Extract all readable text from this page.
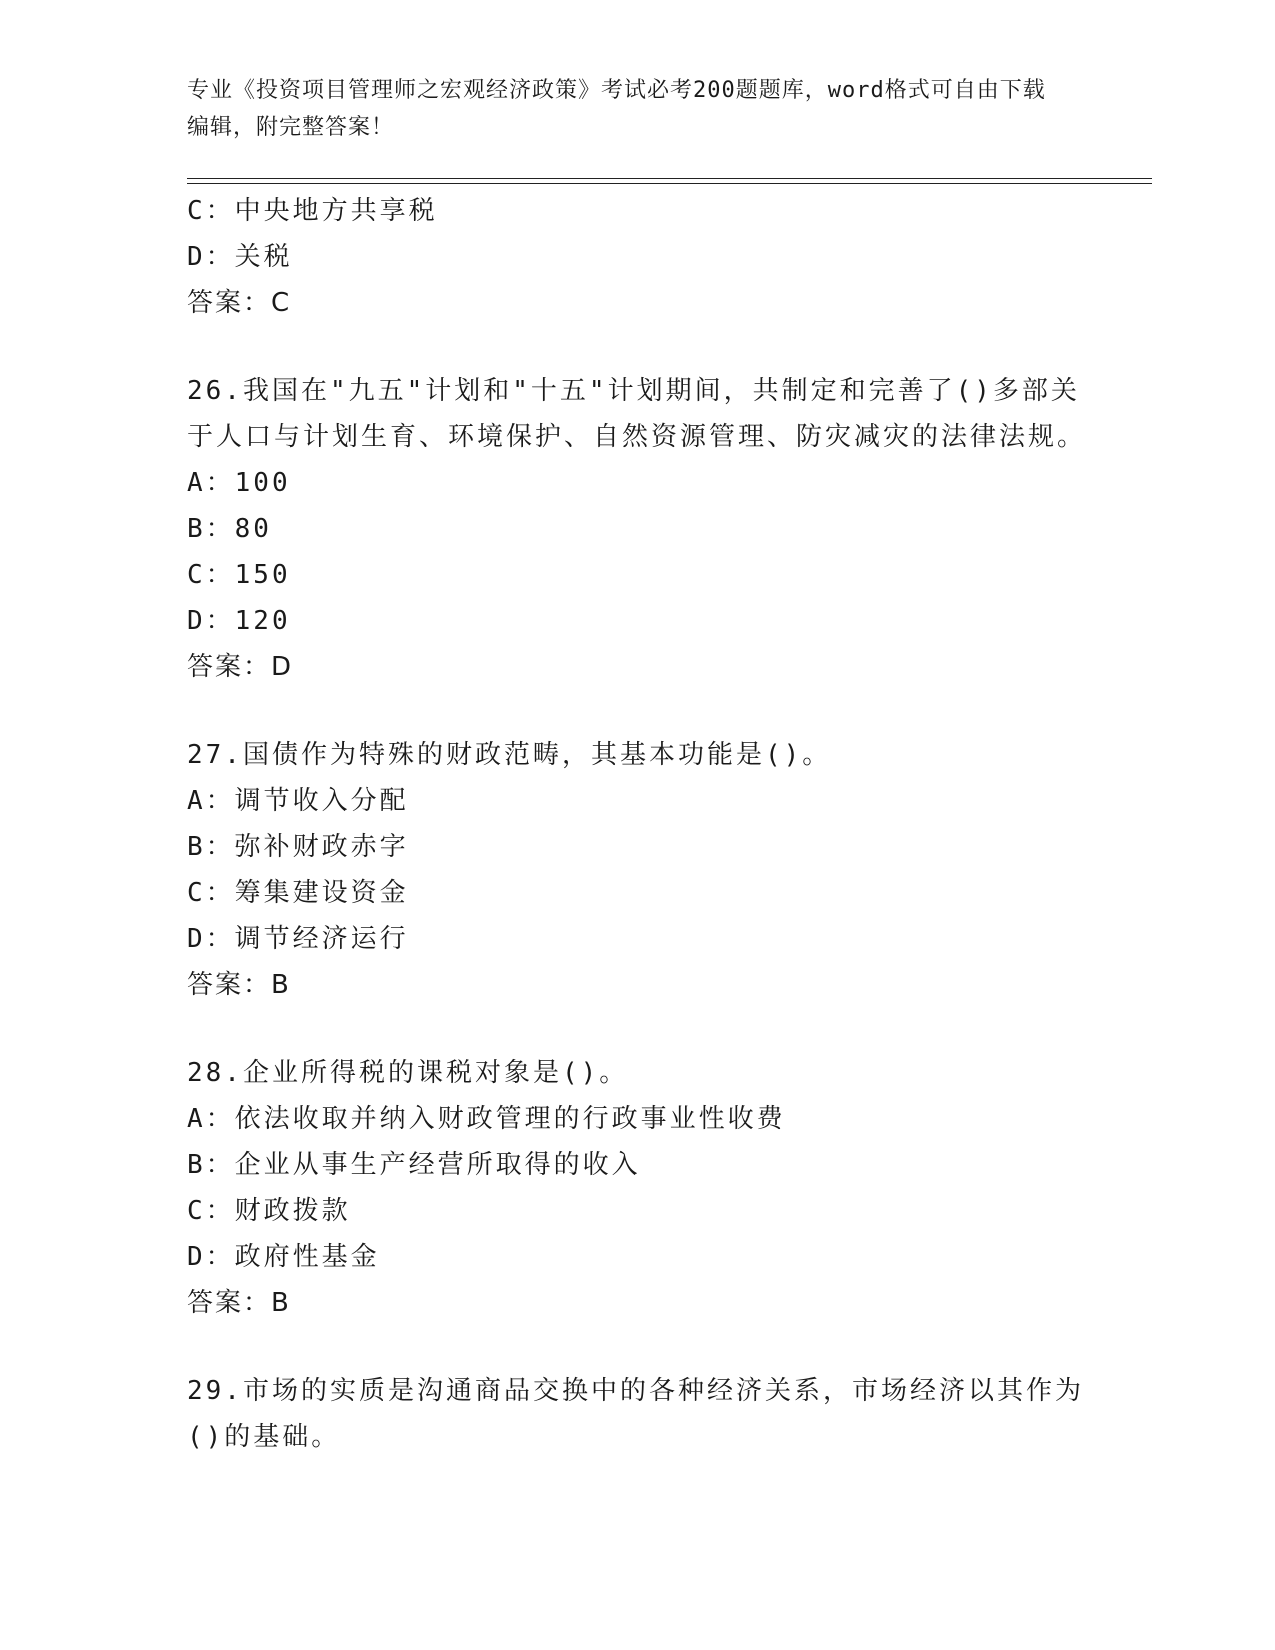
专业《投资项目管理师之宏观经济政策》考试必考200题题库，word格式可自由下载编辑，附完整答案！
C：中央地方共享税
D：关税
答案：C
26.我国在"九五"计划和"十五"计划期间，共制定和完善了()多部关于人口与计划生育、环境保护、自然资源管理、防灾减灾的法律法规。
A：100
B：80
C：150
D：120
答案：D
27.国债作为特殊的财政范畴，其基本功能是()。
A：调节收入分配
B：弥补财政赤字
C：筹集建设资金
D：调节经济运行
答案：B
28.企业所得税的课税对象是()。
A：依法收取并纳入财政管理的行政事业性收费
B：企业从事生产经营所取得的收入
C：财政拨款
D：政府性基金
答案：B
29.市场的实质是沟通商品交换中的各种经济关系，市场经济以其作为()的基础。
